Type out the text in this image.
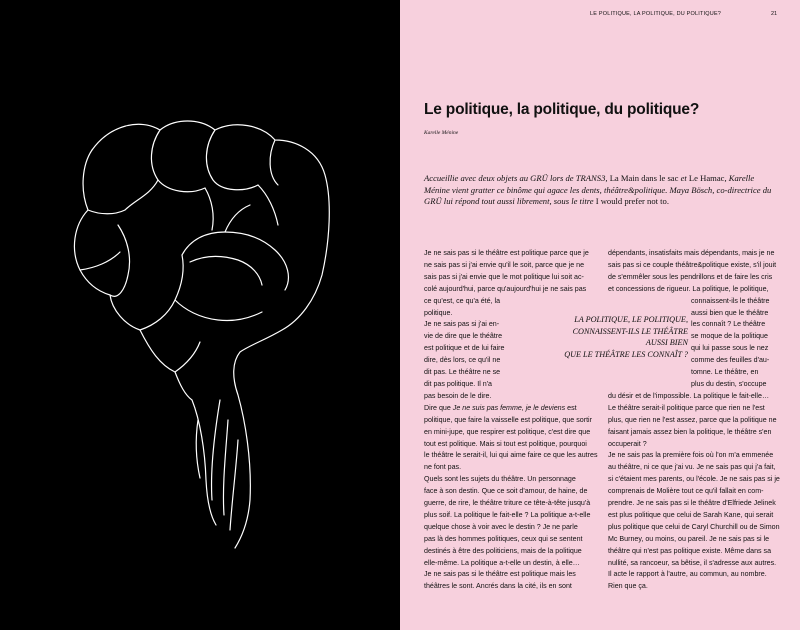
LE POLITIQUE, LA POLITIQUE, DU POLITIQUE?	21
Le politique, la politique, du politique?
Karelle Ménine

Accueillie avec deux objets au GRÜ lors de TRANS3, La Main dans le sac et Le Hamac, Karelle Ménine vient gratter ce binôme qui agace les dents, théâtre&politique. Maya Bösch, co-directrice du GRÜ lui répond tout aussi librement, sous le titre I would prefer not to.

Je ne sais pas si le théâtre est politique parce que je
ne sais pas si j'ai envie qu'il le soit, parce que je ne
sais pas si j'ai envie que le mot politique lui soit ac-
colé aujourd'hui, parce qu'aujourd'hui je ne sais pas
ce qu'est, ce qu'a été, la
politique.
Je ne sais pas si j'ai en-
vie de dire que le théâtre
est politique et de lui faire
dire, dès lors, ce qu'il ne
dit pas. Le théâtre ne se
dit pas politique. Il n'a
pas besoin de le dire.
Dire que Je ne suis pas femme, je le deviens est
politique, que faire la vaisselle est politique, que sortir
en mini-jupe, que respirer est politique, c'est dire que
tout est politique. Mais si tout est politique, pourquoi
le théâtre le serait-il, lui qui aime faire ce que les autres
ne font pas.
Quels sont les sujets du théâtre. Un personnage
face à son destin. Que ce soit d'amour, de haine, de
guerre, de rire, le théâtre triture ce tête-à-tête jusqu'à
plus soif. La politique le fait-elle ? La politique a-t-elle
quelque chose à voir avec le destin ? Je ne parle
pas là des hommes politiques, ceux qui se sentent
destinés à être des politiciens, mais de la politique
elle-même. La politique a-t-elle un destin, à elle…
Je ne sais pas si le théâtre est politique mais les
théâtres le sont. Ancrés dans la cité, ils en sont
LA POLITIQUE, LE POLITIQUE,
CONNAISSENT-ILS LE THÉÂTRE AUSSI BIEN
QUE LE THÉÂTRE LES CONNAÎT ?
dépendants, insatisfaits mais dépendants, mais je ne
sais pas si ce couple théâtre&politique existe, s'il jouit
de s'emmêler sous les pendrillons et de faire les cris
et concessions de rigueur. La politique, le politique,
connaissent-ils le théâtre
aussi bien que le théâtre
les connaît ? Le théâtre
se moque de la politique
qui lui passe sous le nez
comme des feuilles d'au-
tomne. Le théâtre, en
plus du destin, s'occupe
du désir et de l'impossible. La politique le fait-elle…
Le théâtre serait-il politique parce que rien ne l'est
plus, que rien ne l'est assez, parce que la politique ne
faisant jamais assez bien la politique, le théâtre s'en
occuperait ?
Je ne sais pas la première fois où l'on m'a emmenée
au théâtre, ni ce que j'ai vu. Je ne sais pas qui j'a fait,
si c'étaient mes parents, ou l'école. Je ne sais pas si je
comprenais de Molière tout ce qu'il fallait en com-
prendre. Je ne sais pas si le théâtre d'Elfriede Jelinek
est plus politique que celui de Sarah Kane, qui serait
plus politique que celui de Caryl Churchill ou de Simon
Mc Burney, ou moins, ou pareil. Je ne sais pas si le
théâtre qui n'est pas politique existe. Même dans sa
nullité, sa rancoeur, sa bêtise, il s'adresse aux autres.
Il acte le rapport à l'autre, au commun, au nombre.
Rien que ça.
